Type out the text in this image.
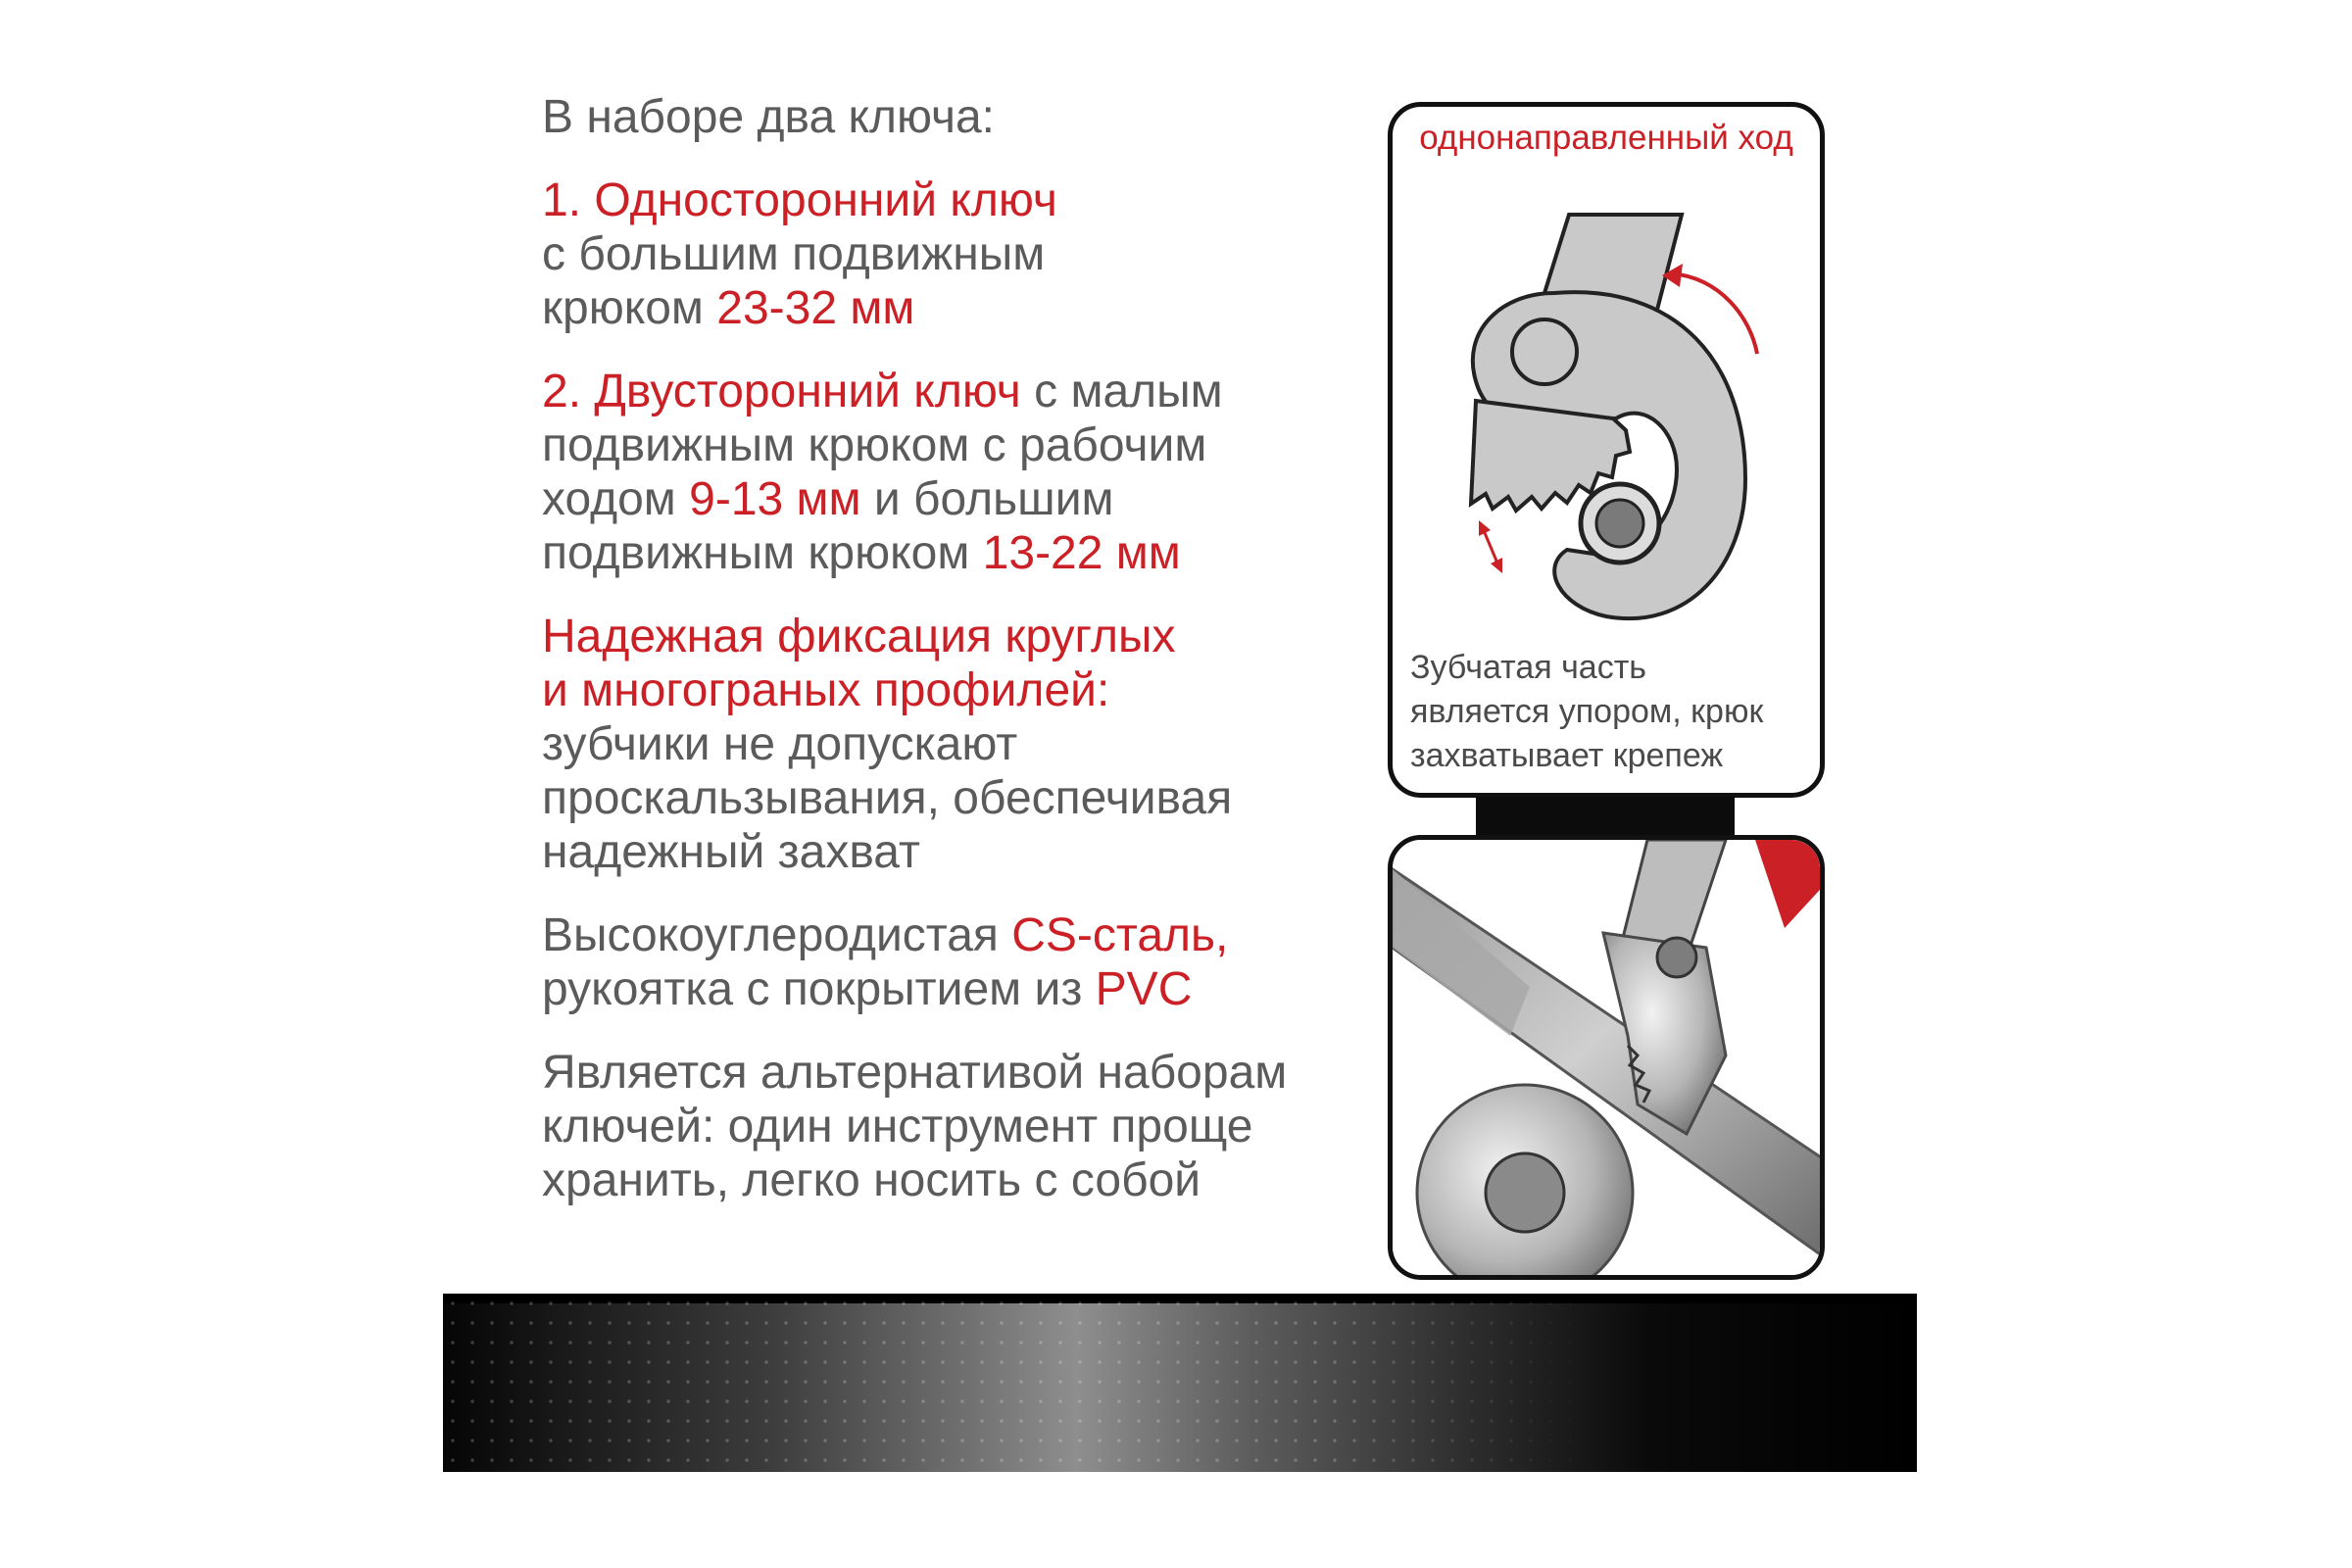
В наборе два ключа:

1. Односторонний ключ
с большим подвижным
крюком 23-32 мм

2. Двусторонний ключ с малым
подвижным крюком с рабочим
ходом 9-13 мм и большим
подвижным крюком 13-22 мм

Надежная фиксация круглых
и многограных профилей:
зубчики не допускают
проскальзывания, обеспечивая
надежный захват

Высокоуглеродистая CS-сталь,
рукоятка с покрытием из PVC

Является альтернативой наборам
ключей: один инструмент проще
хранить, легко носить с собой

однонаправленный ход
Зубчатая часть
является упором, крюк
захватывает крепеж
